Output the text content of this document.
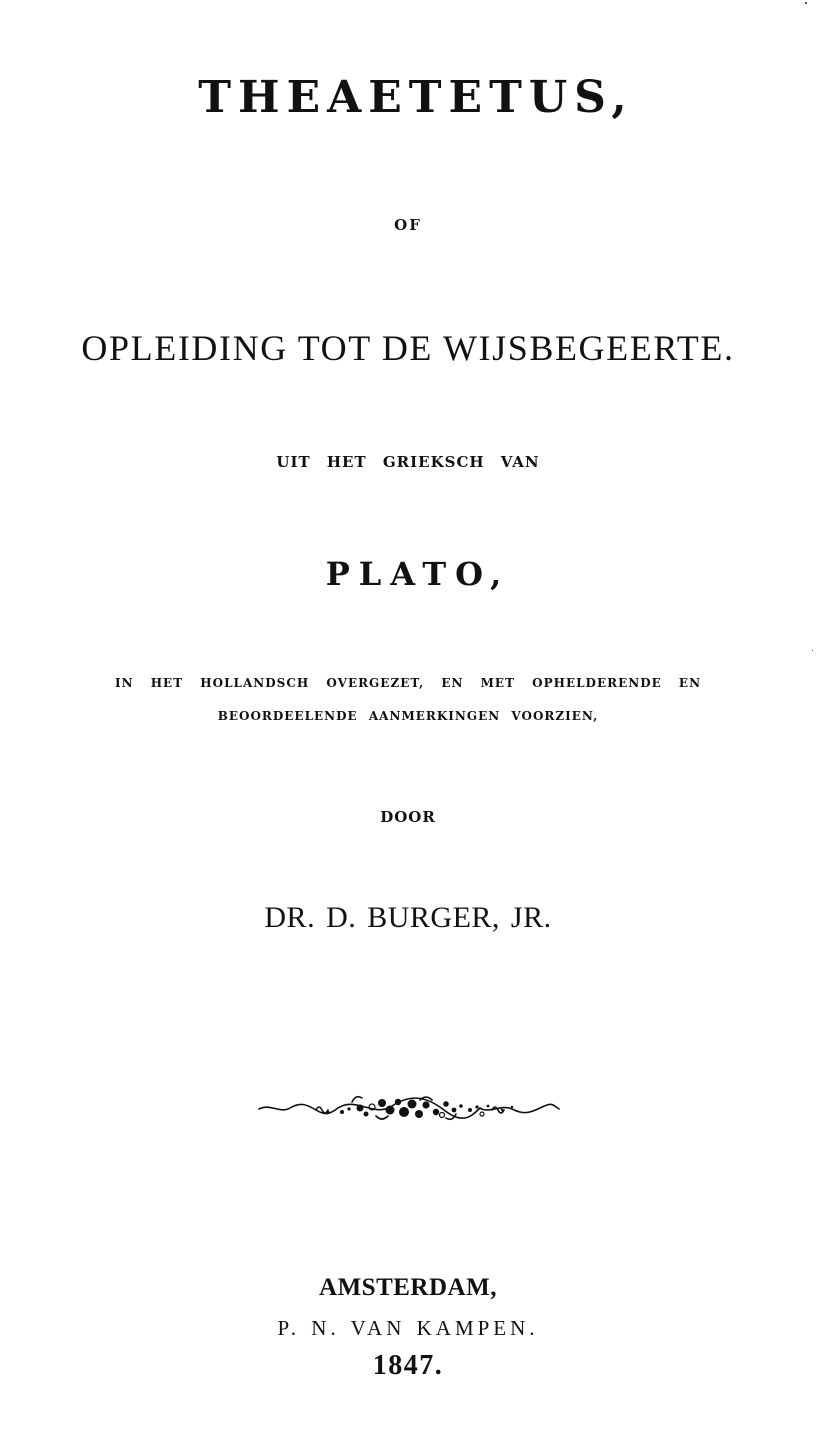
THEAETETUS,
OF
OPLEIDING TOT DE WIJSBEGEERTE.
UIT HET GRIEKSCH VAN
PLATO,
IN HET HOLLANDSCH OVERGEZET, EN MET OPHELDERENDE EN
BEOORDEELENDE AANMERKINGEN VOORZIEN,
DOOR
DR. D. BURGER, JR.
AMSTERDAM,
P. N. VAN KAMPEN.
1847.
